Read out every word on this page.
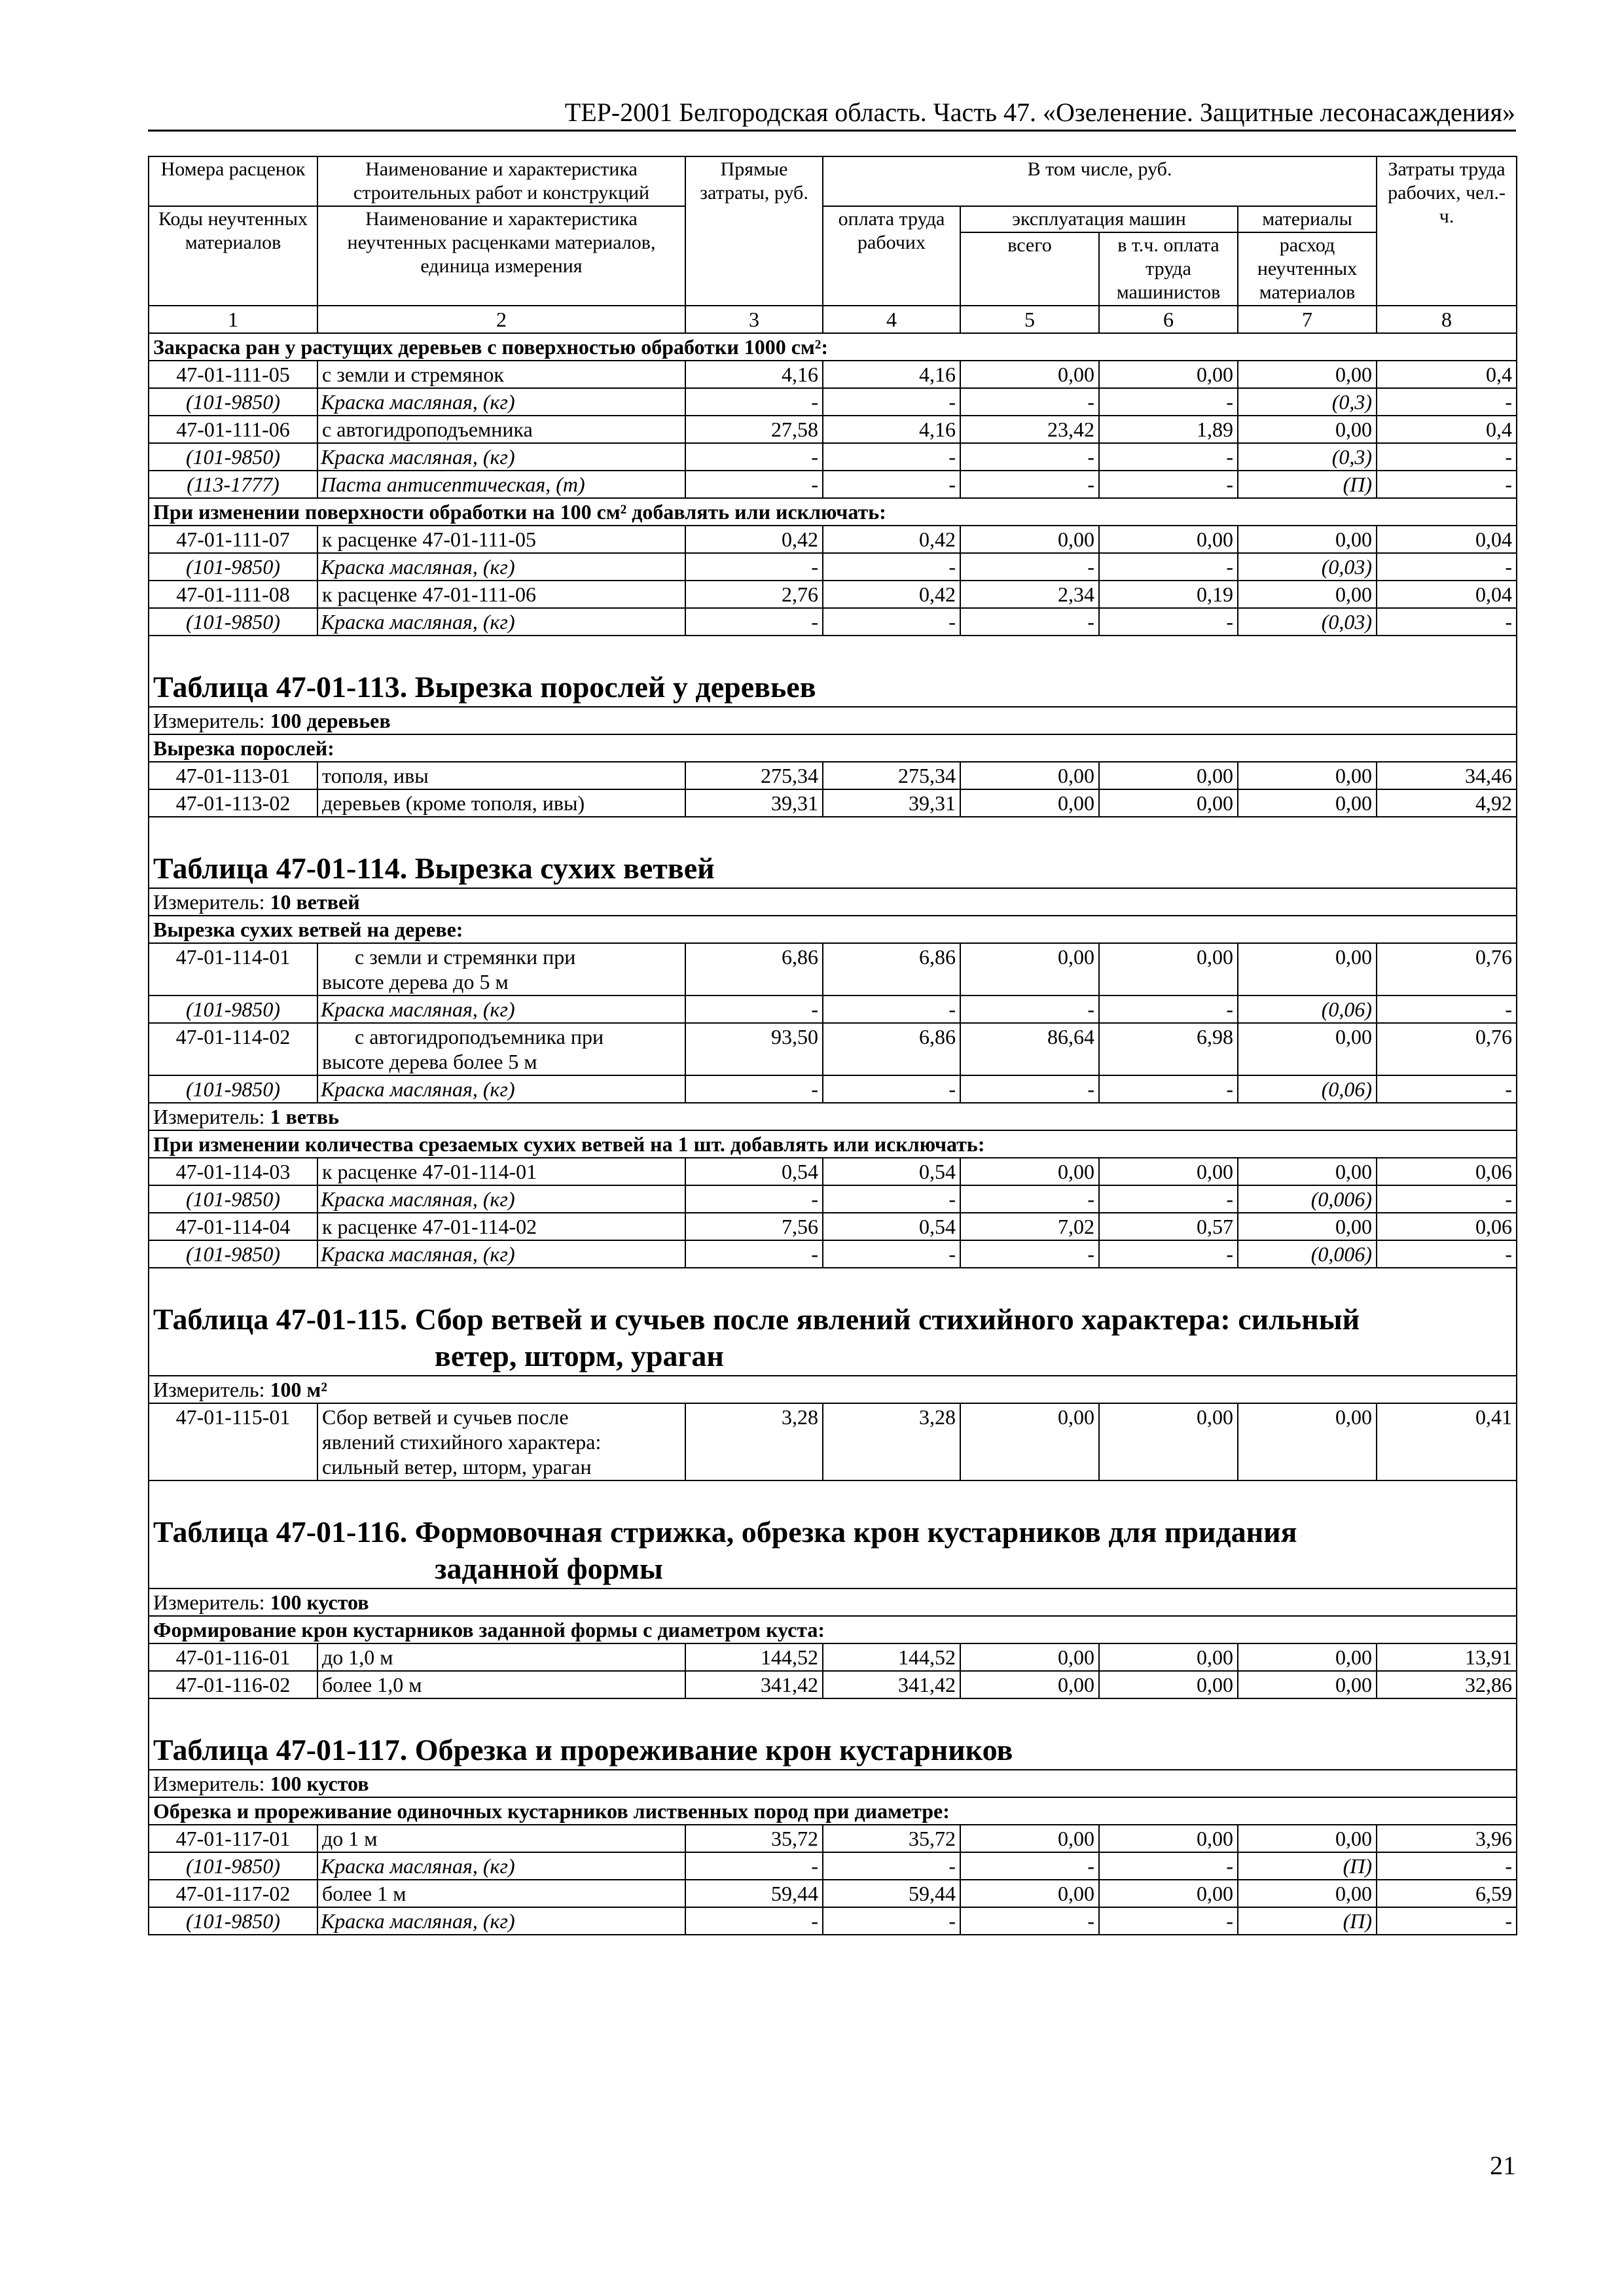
ТЕР-2001 Белгородская область. Часть 47. «Озеленение. Защитные лесонасаждения»
Номера расценок	Наименование и характеристика строительных работ и конструкций	Прямые затраты, руб.	В том числе, руб.				Затраты труда рабочих, чел.-ч.
Коды неучтенных материалов	Наименование и характеристика неучтенных расценками материалов, единица измерения		оплата труда рабочих	эксплуатация машин		материалы	
				всего	в т.ч. оплата труда машинистов	расход неучтенных материалов	
1	2	3	4	5	6	7	8
Закраска ран у растущих деревьев с поверхностью обработки 1000 см²:							
47-01-111-05	с земли и стремянок	4,16	4,16	0,00	0,00	0,00	0,4
(101-9850)	Краска масляная, (кг)	-	-	-	-	(0,3)	-
47-01-111-06	с автогидроподъемника	27,58	4,16	23,42	1,89	0,00	0,4
(101-9850)	Краска масляная, (кг)	-	-	-	-	(0,3)	-
(113-1777)	Паста антисептическая, (т)	-	-	-	-	(П)	-
При изменении поверхности обработки на 100 см² добавлять или исключать:							
47-01-111-07	к расценке 47-01-111-05	0,42	0,42	0,00	0,00	0,00	0,04
(101-9850)	Краска масляная, (кг)	-	-	-	-	(0,03)	-
47-01-111-08	к расценке 47-01-111-06	2,76	0,42	2,34	0,19	0,00	0,04
(101-9850)	Краска масляная, (кг)	-	-	-	-	(0,03)	-
Таблица 47-01-113. Вырезка порослей у деревьев							
Измеритель: 100 деревьев							
Вырезка порослей:							
47-01-113-01	тополя, ивы	275,34	275,34	0,00	0,00	0,00	34,46
47-01-113-02	деревьев (кроме тополя, ивы)	39,31	39,31	0,00	0,00	0,00	4,92
Таблица 47-01-114. Вырезка сухих ветвей							
Измеритель: 10 ветвей							
Вырезка сухих ветвей на дереве:							
47-01-114-01	с земли и стремянки при
высоте дерева до 5 м	6,86	6,86	0,00	0,00	0,00	0,76
(101-9850)	Краска масляная, (кг)	-	-	-	-	(0,06)	-
47-01-114-02	с автогидроподъемника при
высоте дерева более 5 м	93,50	6,86	86,64	6,98	0,00	0,76
(101-9850)	Краска масляная, (кг)	-	-	-	-	(0,06)	-
Измеритель: 1 ветвь							
При изменении количества срезаемых сухих ветвей на 1 шт. добавлять или исключать:							
47-01-114-03	к расценке 47-01-114-01	0,54	0,54	0,00	0,00	0,00	0,06
(101-9850)	Краска масляная, (кг)	-	-	-	-	(0,006)	-
47-01-114-04	к расценке 47-01-114-02	7,56	0,54	7,02	0,57	0,00	0,06
(101-9850)	Краска масляная, (кг)	-	-	-	-	(0,006)	-
Таблица 47-01-115. Сбор ветвей и сучьев после явлений стихийного характера: сильный
ветер, шторм, ураган							

Измеритель: 100 м²							
47-01-115-01	Сбор ветвей и сучьев после
явлений стихийного характера:
сильный ветер, шторм, ураган	3,28	3,28	0,00	0,00	0,00	0,41
Таблица 47-01-116. Формовочная стрижка, обрезка крон кустарников для придания
заданной формы							

Измеритель: 100 кустов							
Формирование крон кустарников заданной формы с диаметром куста:							
47-01-116-01	до 1,0 м	144,52	144,52	0,00	0,00	0,00	13,91
47-01-116-02	более 1,0 м	341,42	341,42	0,00	0,00	0,00	32,86
Таблица 47-01-117. Обрезка и прореживание крон кустарников							
Измеритель: 100 кустов							
Обрезка и прореживание одиночных кустарников лиственных пород при диаметре:							
47-01-117-01	до 1 м	35,72	35,72	0,00	0,00	0,00	3,96
(101-9850)	Краска масляная, (кг)	-	-	-	-	(П)	-
47-01-117-02	более 1 м	59,44	59,44	0,00	0,00	0,00	6,59
(101-9850)	Краска масляная, (кг)	-	-	-	-	(П)	-
21
